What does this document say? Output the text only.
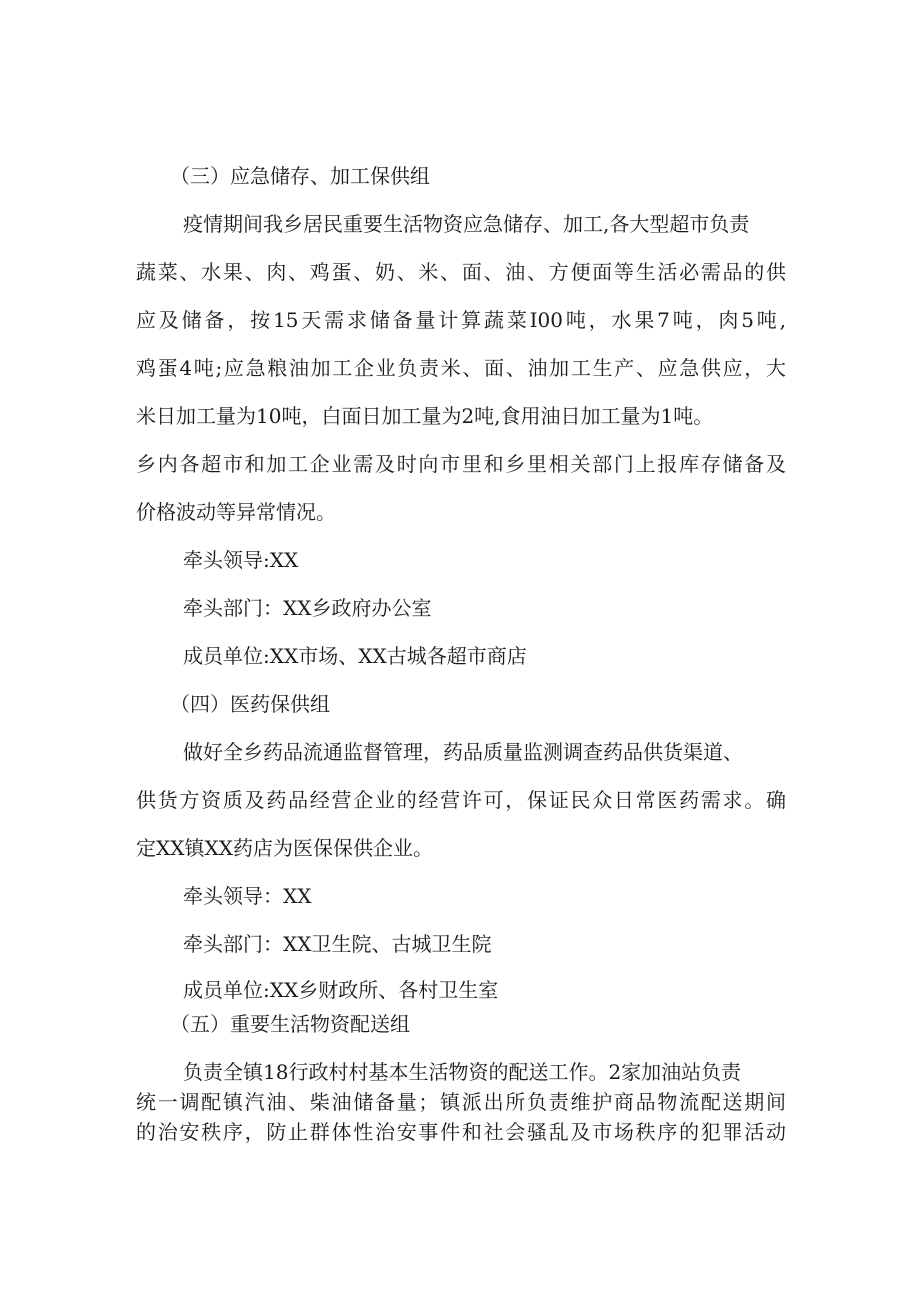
（三）应急储存、加工保供组
疫情期间我乡居民重要生活物资应急储存、加工,各大型超市负责
蔬菜、水果、肉、鸡蛋、奶、米、面、油、方便面等生活必需品的供
应及储备，按15天需求储备量计算蔬菜I00吨，水果7吨，肉5吨,
鸡蛋4吨;应急粮油加工企业负责米、面、油加工生产、应急供应，大
米日加工量为10吨，白面日加工量为2吨,食用油日加工量为1吨。
乡内各超市和加工企业需及时向市里和乡里相关部门上报库存储备及
价格波动等异常情况。
牵头领导:XX
牵头部门：XX乡政府办公室
成员单位:XX市场、XX古城各超市商店
（四）医药保供组
做好全乡药品流通监督管理，药品质量监测调查药品供货渠道、
供货方资质及药品经营企业的经营许可，保证民众日常医药需求。确
定XX镇XX药店为医保保供企业。
牵头领导：XX
牵头部门：XX卫生院、古城卫生院
成员单位:XX乡财政所、各村卫生室
（五）重要生活物资配送组
负责全镇18行政村村基本生活物资的配送工作。2家加油站负责
统一调配镇汽油、柴油储备量；镇派出所负责维护商品物流配送期间
的治安秩序，防止群体性治安事件和社会骚乱及市场秩序的犯罪活动
